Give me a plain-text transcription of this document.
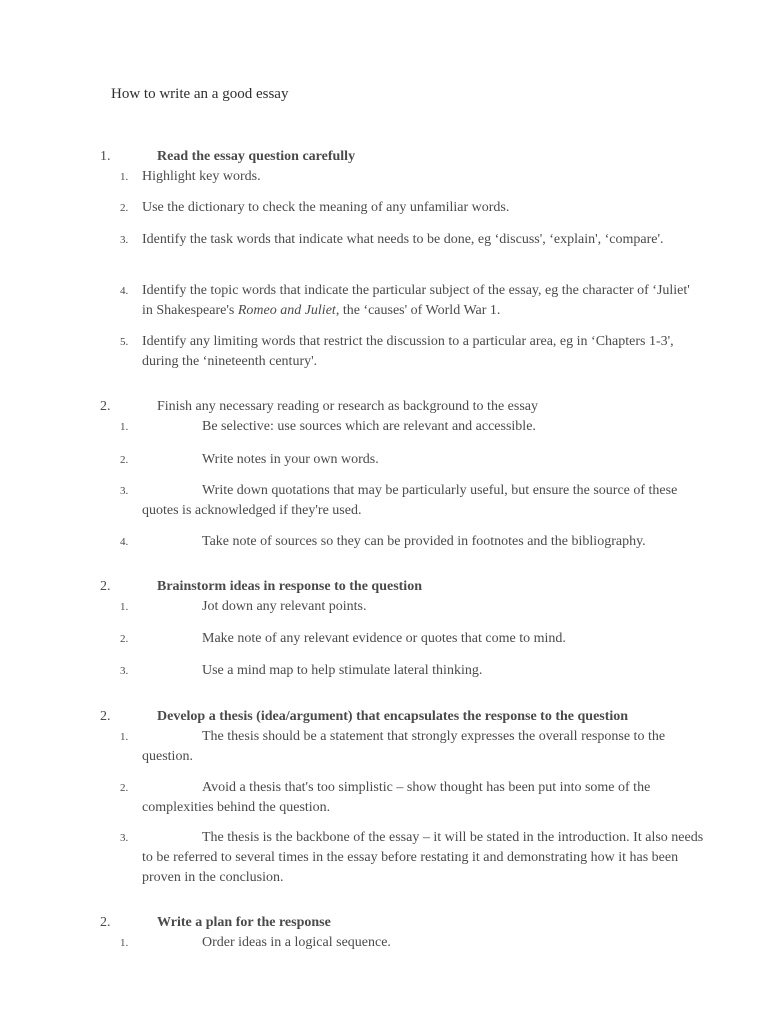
How to write an a good essay
1.	Read the essay question carefully
1. Highlight key words.
2. Use the dictionary to check the meaning of any unfamiliar words.
3. Identify the task words that indicate what needs to be done, eg ‘discuss', ‘explain', ‘compare'.
4. Identify the topic words that indicate the particular subject of the essay, eg the character of ‘Juliet' in Shakespeare's Romeo and Juliet, the ‘causes' of World War 1.
5. Identify any limiting words that restrict the discussion to a particular area, eg in ‘Chapters 1-3', during the ‘nineteenth century'.
2.	Finish any necessary reading or research as background to the essay
1.	Be selective: use sources which are relevant and accessible.
2.	Write notes in your own words.
3.	Write down quotations that may be particularly useful, but ensure the source of these quotes is acknowledged if they're used.
4.	Take note of sources so they can be provided in footnotes and the bibliography.
2.	Brainstorm ideas in response to the question
1.	Jot down any relevant points.
2.	Make note of any relevant evidence or quotes that come to mind.
3.	Use a mind map to help stimulate lateral thinking.
2.	Develop a thesis (idea/argument) that encapsulates the response to the question
1.	The thesis should be a statement that strongly expresses the overall response to the question.
2.	Avoid a thesis that's too simplistic – show thought has been put into some of the complexities behind the question.
3.	The thesis is the backbone of the essay – it will be stated in the introduction. It also needs to be referred to several times in the essay before restating it and demonstrating how it has been proven in the conclusion.
2.	Write a plan for the response
1.	Order ideas in a logical sequence.
